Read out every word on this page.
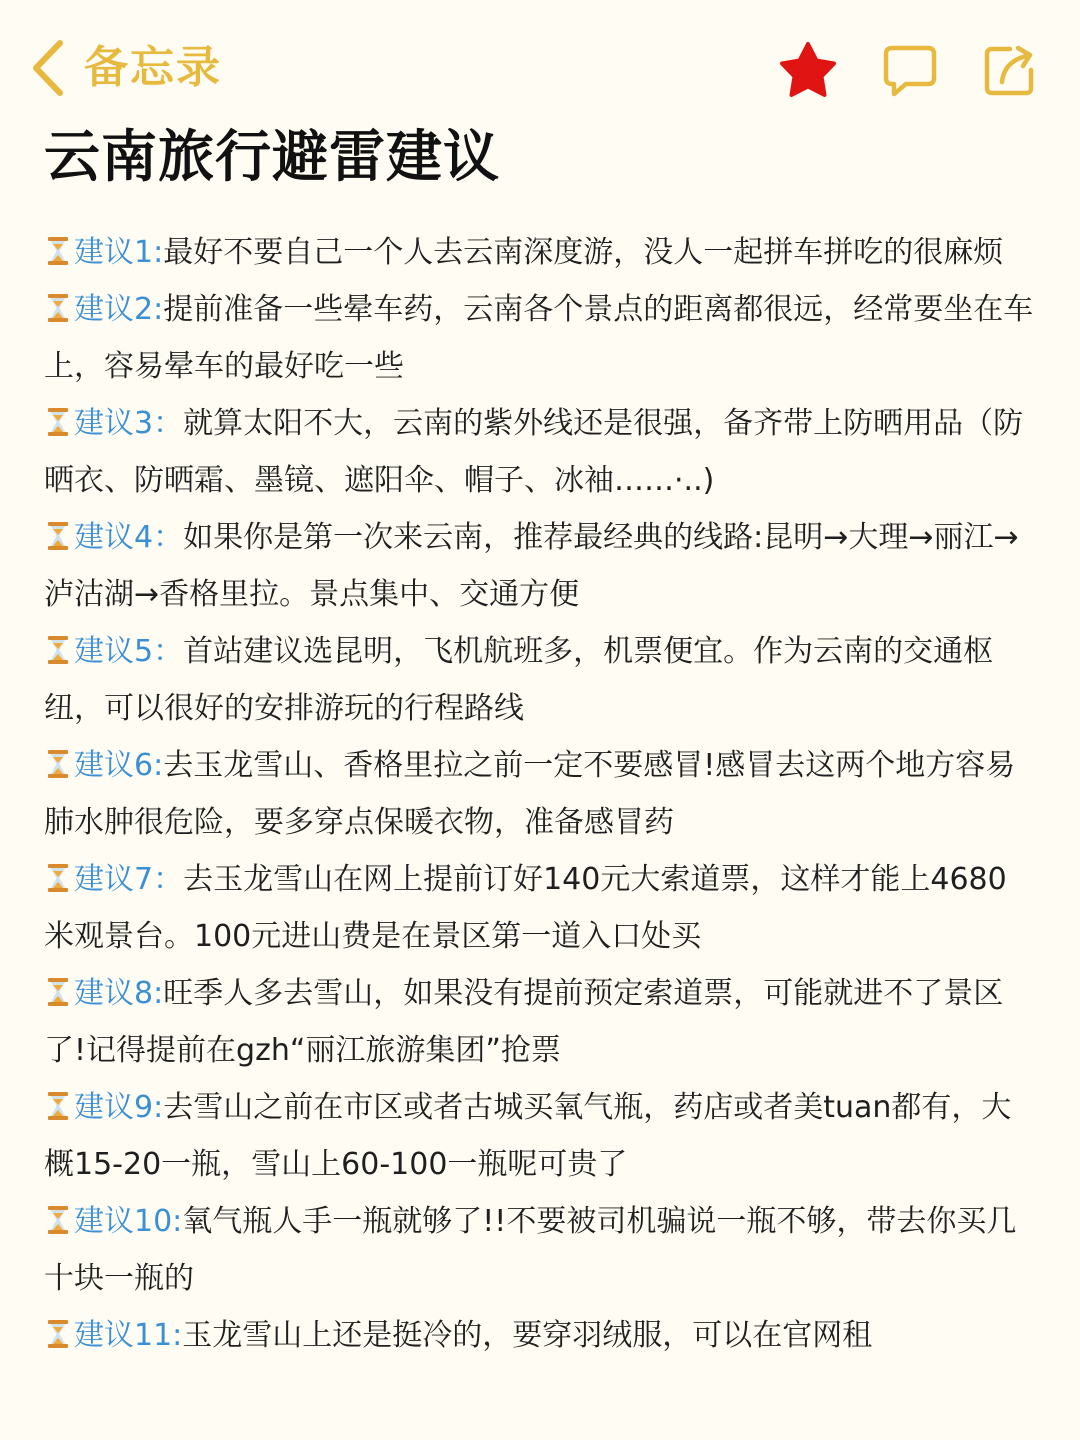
备忘录
云南旅行避雷建议
建议1:最好不要自己一个人去云南深度游，没人一起拼车拼吃的很麻烦
建议2:提前准备一些晕车药，云南各个景点的距离都很远，经常要坐在车上，容易晕车的最好吃一些
建议3：就算太阳不大，云南的紫外线还是很强，备齐带上防晒用品（防晒衣、防晒霜、墨镜、遮阳伞、帽子、冰袖……·..)
建议4：如果你是第一次来云南，推荐最经典的线路:昆明→大理→丽江→泸沽湖→香格里拉。景点集中、交通方便
建议5：首站建议选昆明，飞机航班多，机票便宜。作为云南的交通枢纽，可以很好的安排游玩的行程路线
建议6:去玉龙雪山、香格里拉之前一定不要感冒!感冒去这两个地方容易肺水肿很危险，要多穿点保暖衣物，准备感冒药
建议7：去玉龙雪山在网上提前订好140元大索道票，这样才能上4680米观景台。100元进山费是在景区第一道入口处买
建议8:旺季人多去雪山，如果没有提前预定索道票，可能就进不了景区了!记得提前在gzh“丽江旅游集团”抢票
建议9:去雪山之前在市区或者古城买氧气瓶，药店或者美tuan都有，大概15-20一瓶，雪山上60-100一瓶呢可贵了
建议10:氧气瓶人手一瓶就够了!!不要被司机骗说一瓶不够，带去你买几十块一瓶的
建议11:玉龙雪山上还是挺冷的，要穿羽绒服，可以在官网租
